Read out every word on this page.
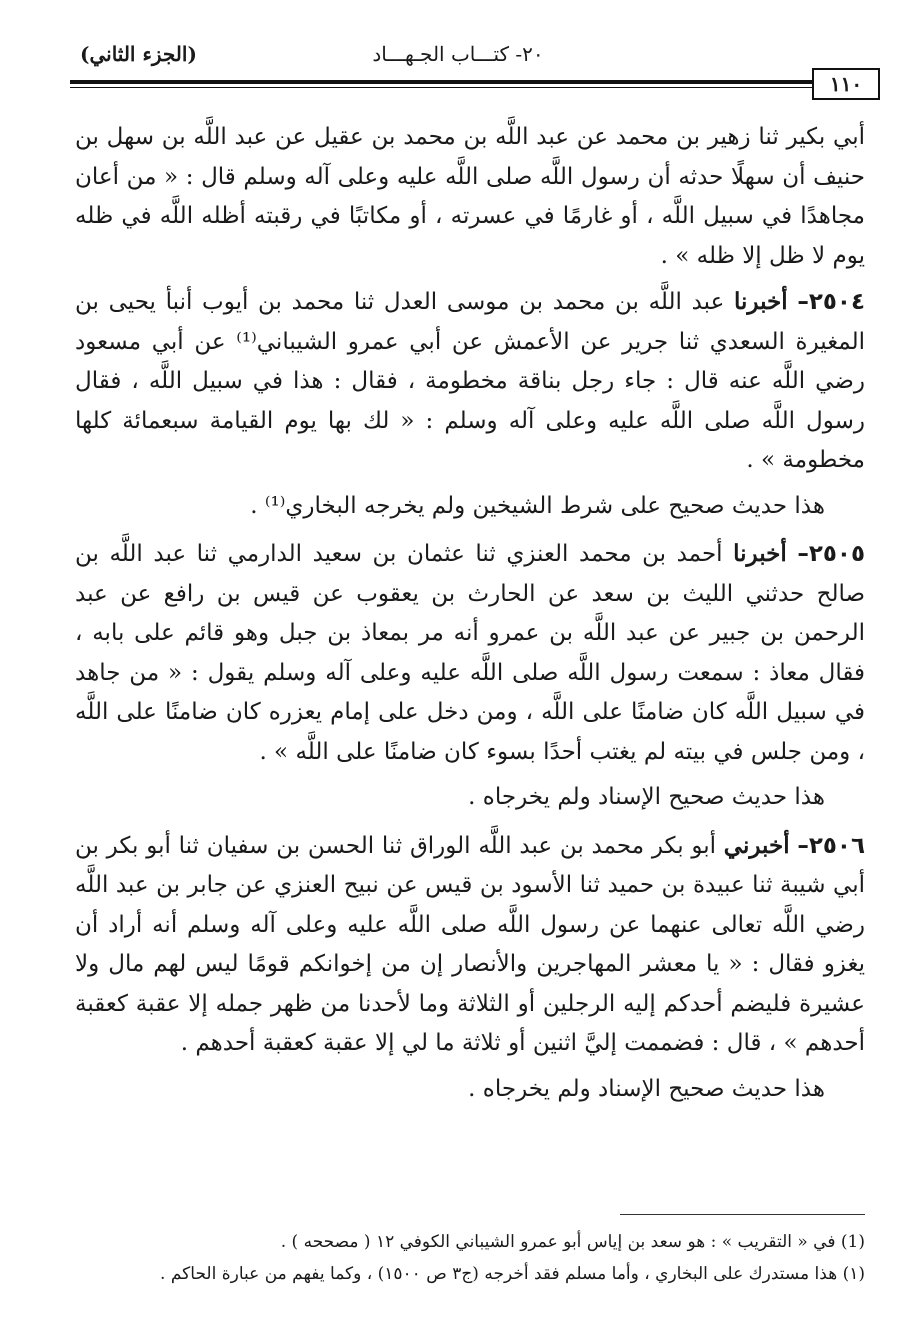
٢٠- كتـــاب الجـهـــاد
(الجزء الثاني)
١١٠

أبي بكير ثنا زهير بن محمد عن عبد اللَّه بن محمد بن عقيل عن عبد اللَّه بن سهل بن حنيف أن سهلًا حدثه أن رسول اللَّه صلى اللَّه عليه وعلى آله وسلم قال : « من أعان مجاهدًا في سبيل اللَّه ، أو غارمًا في عسرته ، أو مكاتبًا في رقبته أظله اللَّه في ظله يوم لا ظل إلا ظله » .

٢٥٠٤– أخبرنا عبد اللَّه بن محمد بن موسى العدل ثنا محمد بن أيوب أنبأ يحيى بن المغيرة السعدي ثنا جرير عن الأعمش عن أبي عمرو الشيباني⁽¹⁾ عن أبي مسعود رضي اللَّه عنه قال : جاء رجل بناقة مخطومة ، فقال : هذا في سبيل اللَّه ، فقال رسول اللَّه صلى اللَّه عليه وعلى آله وسلم : « لك بها يوم القيامة سبعمائة كلها مخطومة » .

هذا حديث صحيح على شرط الشيخين ولم يخرجه البخاري⁽¹⁾ .

٢٥٠٥– أخبرنا أحمد بن محمد العنزي ثنا عثمان بن سعيد الدارمي ثنا عبد اللَّه بن صالح حدثني الليث بن سعد عن الحارث بن يعقوب عن قيس بن رافع عن عبد الرحمن بن جبير عن عبد اللَّه بن عمرو أنه مر بمعاذ بن جبل وهو قائم على بابه ، فقال معاذ : سمعت رسول اللَّه صلى اللَّه عليه وعلى آله وسلم يقول : « من جاهد في سبيل اللَّه كان ضامنًا على اللَّه ، ومن دخل على إمام يعزره كان ضامنًا على اللَّه ، ومن جلس في بيته لم يغتب أحدًا بسوء كان ضامنًا على اللَّه » .

هذا حديث صحيح الإسناد ولم يخرجاه .

٢٥٠٦– أخبرني أبو بكر محمد بن عبد اللَّه الوراق ثنا الحسن بن سفيان ثنا أبو بكر بن أبي شيبة ثنا عبيدة بن حميد ثنا الأسود بن قيس عن نبيح العنزي عن جابر بن عبد اللَّه رضي اللَّه تعالى عنهما عن رسول اللَّه صلى اللَّه عليه وعلى آله وسلم أنه أراد أن يغزو فقال : « يا معشر المهاجرين والأنصار إن من إخوانكم قومًا ليس لهم مال ولا عشيرة فليضم أحدكم إليه الرجلين أو الثلاثة وما لأحدنا من ظهر جمله إلا عقبة كعقبة أحدهم » ، قال : فضممت إليَّ اثنين أو ثلاثة ما لي إلا عقبة كعقبة أحدهم .

هذا حديث صحيح الإسناد ولم يخرجاه .

(1) في « التقريب » : هو سعد بن إياس أبو عمرو الشيباني الكوفي ١٢ ( مصححه ) .

(١) هذا مستدرك على البخاري ، وأما مسلم فقد أخرجه (ج٣ ص ١٥٠٠) ، وكما يفهم من عبارة الحاكم .
